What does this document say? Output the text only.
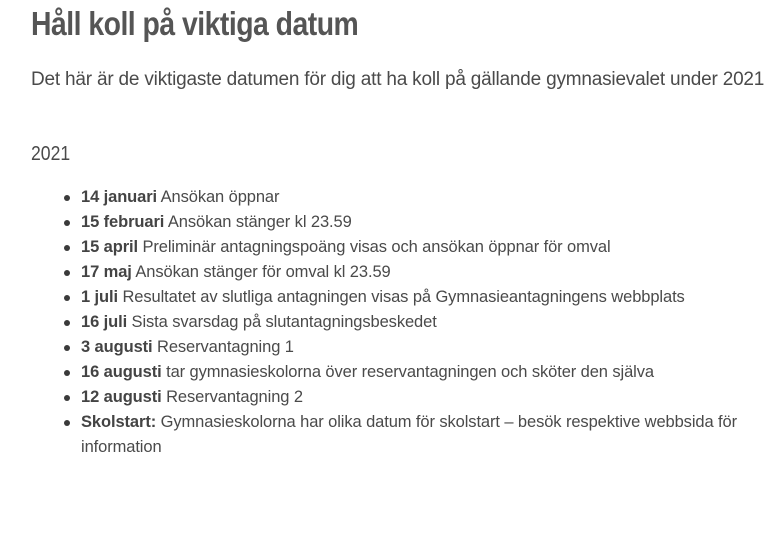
Håll koll på viktiga datum

Det här är de viktigaste datumen för dig att ha koll på gällande gymnasievalet under 2021

2021
14 januari Ansökan öppnar
15 februari Ansökan stänger kl 23.59
15 april Preliminär antagningspoäng visas och ansökan öppnar för omval
17 maj Ansökan stänger för omval kl 23.59
1 juli Resultatet av slutliga antagningen visas på Gymnasieantagningens webbplats
16 juli Sista svarsdag på slutantagningsbeskedet
3 augusti Reservantagning 1
16 augusti tar gymnasieskolorna över reservantagningen och sköter den själva
12 augusti Reservantagning 2
Skolstart: Gymnasieskolorna har olika datum för skolstart – besök respektive webbsida för information
